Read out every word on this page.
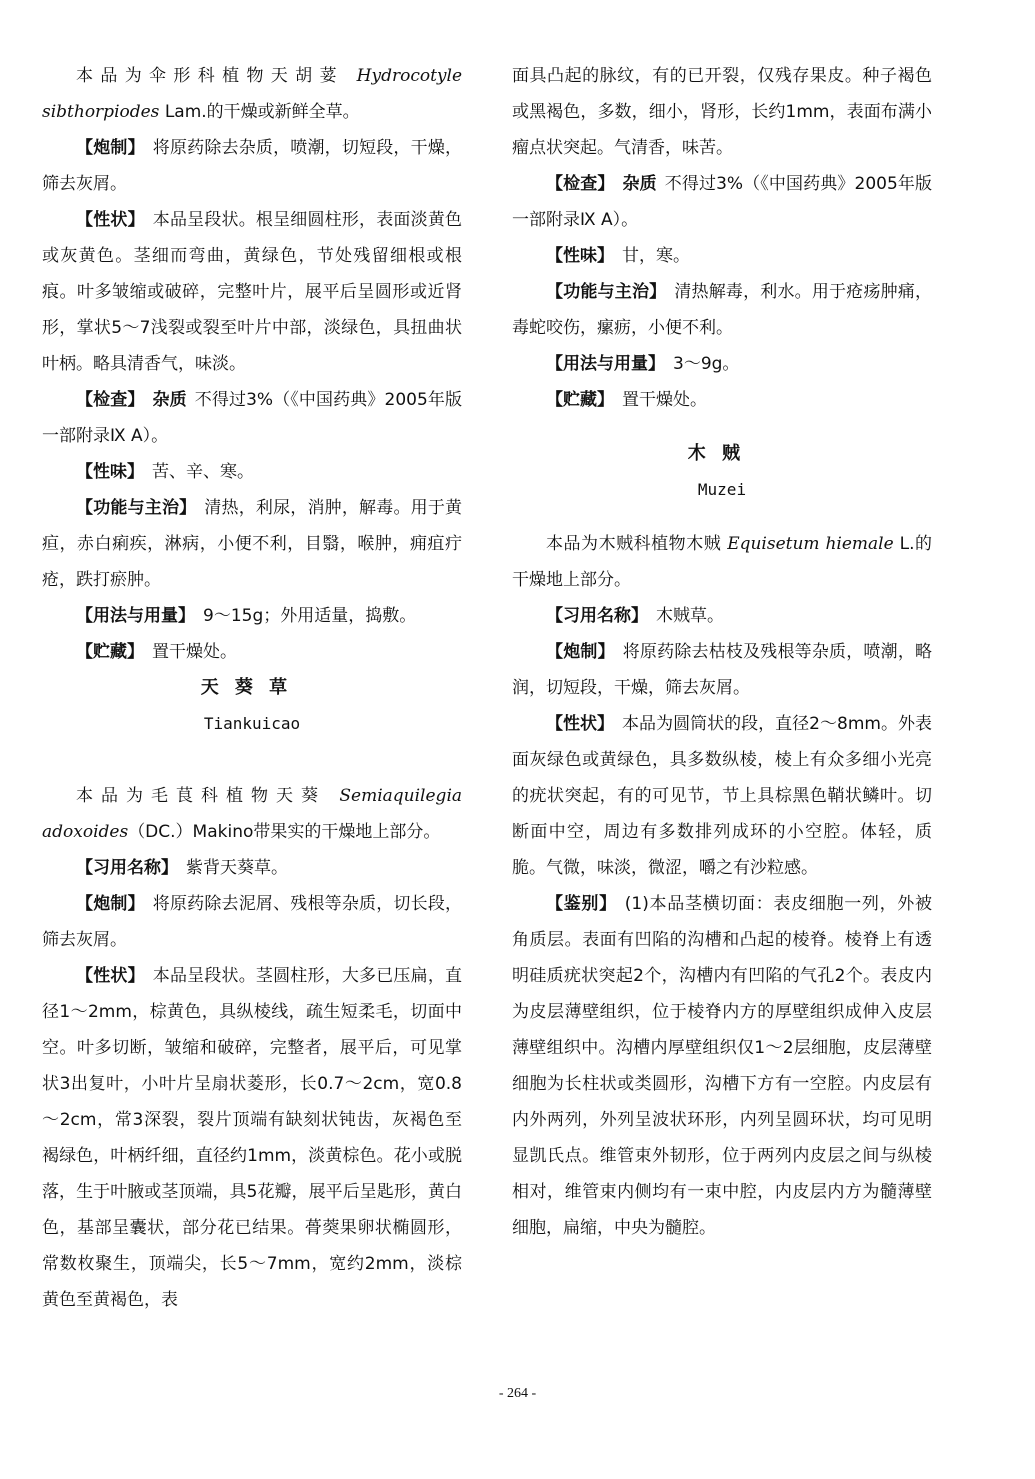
本品为伞形科植物天胡荽 Hydrocotyle sibthorpiodes Lam.的干燥或新鲜全草。

【炮制】 将原药除去杂质，喷潮，切短段，干燥，筛去灰屑。

【性状】 本品呈段状。根呈细圆柱形，表面淡黄色或灰黄色。茎细而弯曲，黄绿色，节处残留细根或根痕。叶多皱缩或破碎，完整叶片，展平后呈圆形或近肾形，掌状5～7浅裂或裂至叶片中部，淡绿色，具扭曲状叶柄。略具清香气，味淡。

【检查】 杂质 不得过3%（《中国药典》2005年版一部附录Ⅸ A）。

【性味】 苦、辛、寒。

【功能与主治】 清热，利尿，消肿，解毒。用于黄疸，赤白痢疾，淋病，小便不利，目翳，喉肿，痈疽疔疮，跌打瘀肿。

【用法与用量】 9～15g；外用适量，捣敷。

【贮藏】 置干燥处。

天葵草

Tiankuicao

本品为毛茛科植物天葵 Semiaquilegia adoxoides（DC.）Makino带果实的干燥地上部分。

【习用名称】 紫背天葵草。

【炮制】 将原药除去泥屑、残根等杂质，切长段，筛去灰屑。

【性状】 本品呈段状。茎圆柱形，大多已压扁，直径1～2mm，棕黄色，具纵棱线，疏生短柔毛，切面中空。叶多切断，皱缩和破碎，完整者，展平后，可见掌状3出复叶，小叶片呈扇状菱形，长0.7～2cm，宽0.8～2cm，常3深裂，裂片顶端有缺刻状钝齿，灰褐色至褐绿色，叶柄纤细，直径约1mm，淡黄棕色。花小或脱落，生于叶腋或茎顶端，具5花瓣，展平后呈匙形，黄白色，基部呈囊状，部分花已结果。蓇葖果卵状椭圆形，常数枚聚生，顶端尖，长5～7mm，宽约2mm，淡棕黄色至黄褐色，表

面具凸起的脉纹，有的已开裂，仅残存果皮。种子褐色或黑褐色，多数，细小，肾形，长约1mm，表面布满小瘤点状突起。气清香，味苦。

【检查】 杂质 不得过3%（《中国药典》2005年版一部附录Ⅸ A）。

【性味】 甘，寒。

【功能与主治】 清热解毒，利水。用于疮疡肿痛，毒蛇咬伤，瘰疬，小便不利。

【用法与用量】 3～9g。

【贮藏】 置干燥处。

木贼

Muzei

本品为木贼科植物木贼 Equisetum hiemale L.的干燥地上部分。

【习用名称】 木贼草。

【炮制】 将原药除去枯枝及残根等杂质，喷潮，略润，切短段，干燥，筛去灰屑。

【性状】 本品为圆筒状的段，直径2～8mm。外表面灰绿色或黄绿色，具多数纵棱，棱上有众多细小光亮的疣状突起，有的可见节，节上具棕黑色鞘状鳞叶。切断面中空，周边有多数排列成环的小空腔。体轻，质脆。气微，味淡，微涩，嚼之有沙粒感。

【鉴别】 (1)本品茎横切面：表皮细胞一列，外被角质层。表面有凹陷的沟槽和凸起的棱脊。棱脊上有透明硅质疣状突起2个，沟槽内有凹陷的气孔2个。表皮内为皮层薄壁组织，位于棱脊内方的厚壁组织成伸入皮层薄壁组织中。沟槽内厚壁组织仅1～2层细胞，皮层薄壁细胞为长柱状或类圆形，沟槽下方有一空腔。内皮层有内外两列，外列呈波状环形，内列呈圆环状，均可见明显凯氏点。维管束外韧形，位于两列内皮层之间与纵棱相对，维管束内侧均有一束中腔，内皮层内方为髓薄壁细胞，扁缩，中央为髓腔。

- 264 -
